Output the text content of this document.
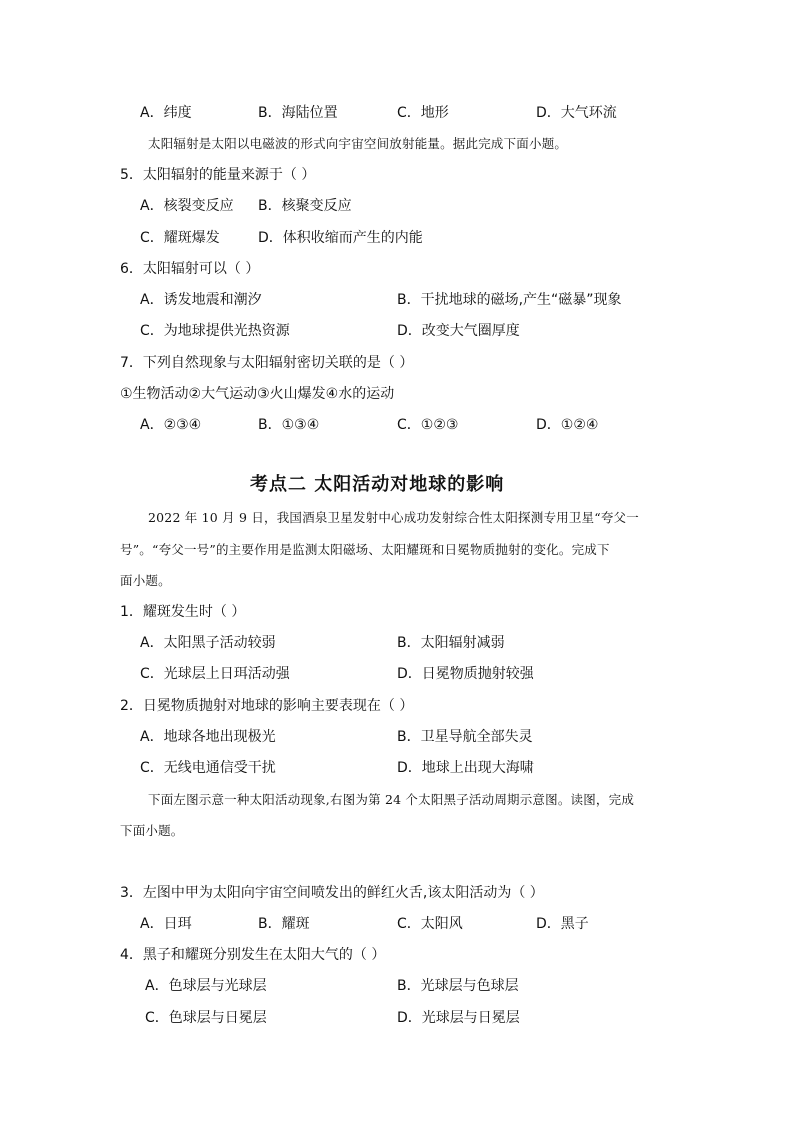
A．纬度	B．海陆位置	C．地形	D．大气环流
太阳辐射是太阳以电磁波的形式向宇宙空间放射能量。据此完成下面小题。
5．太阳辐射的能量来源于（ ）
A．核裂变反应 B．核聚变反应
C．耀斑爆发	D．体积收缩而产生的内能
6．太阳辐射可以（ ）
A．诱发地震和潮汐	B．干扰地球的磁场,产生“磁暴”现象
C．为地球提供光热资源	D．改变大气圈厚度
7．下列自然现象与太阳辐射密切关联的是（ ）
①生物活动②大气运动③火山爆发④水的运动
A．②③④	B．①③④	C．①②③	D．①②④
考点二 太阳活动对地球的影响
2022 年 10 月 9 日，我国酒泉卫星发射中心成功发射综合性太阳探测专用卫星“夸父一
号”。“夸父一号”的主要作用是监测太阳磁场、太阳耀斑和日冕物质抛射的变化。完成下
面小题。
1．耀斑发生时（ ）
A．太阳黑子活动较弱	B．太阳辐射减弱
C．光球层上日珥活动强	D．日冕物质抛射较强
2．日冕物质抛射对地球的影响主要表现在（ ）
A．地球各地出现极光	B．卫星导航全部失灵
C．无线电通信受干扰	D．地球上出现大海啸
下面左图示意一种太阳活动现象,右图为第 24 个太阳黑子活动周期示意图。读图，完成
下面小题。
3．左图中甲为太阳向宇宙空间喷发出的鲜红火舌,该太阳活动为（ ）
A．日珥	B．耀斑	C．太阳风	D．黑子
4．黑子和耀斑分别发生在太阳大气的（ ）
A．色球层与光球层	B．光球层与色球层
C．色球层与日冕层	D．光球层与日冕层
